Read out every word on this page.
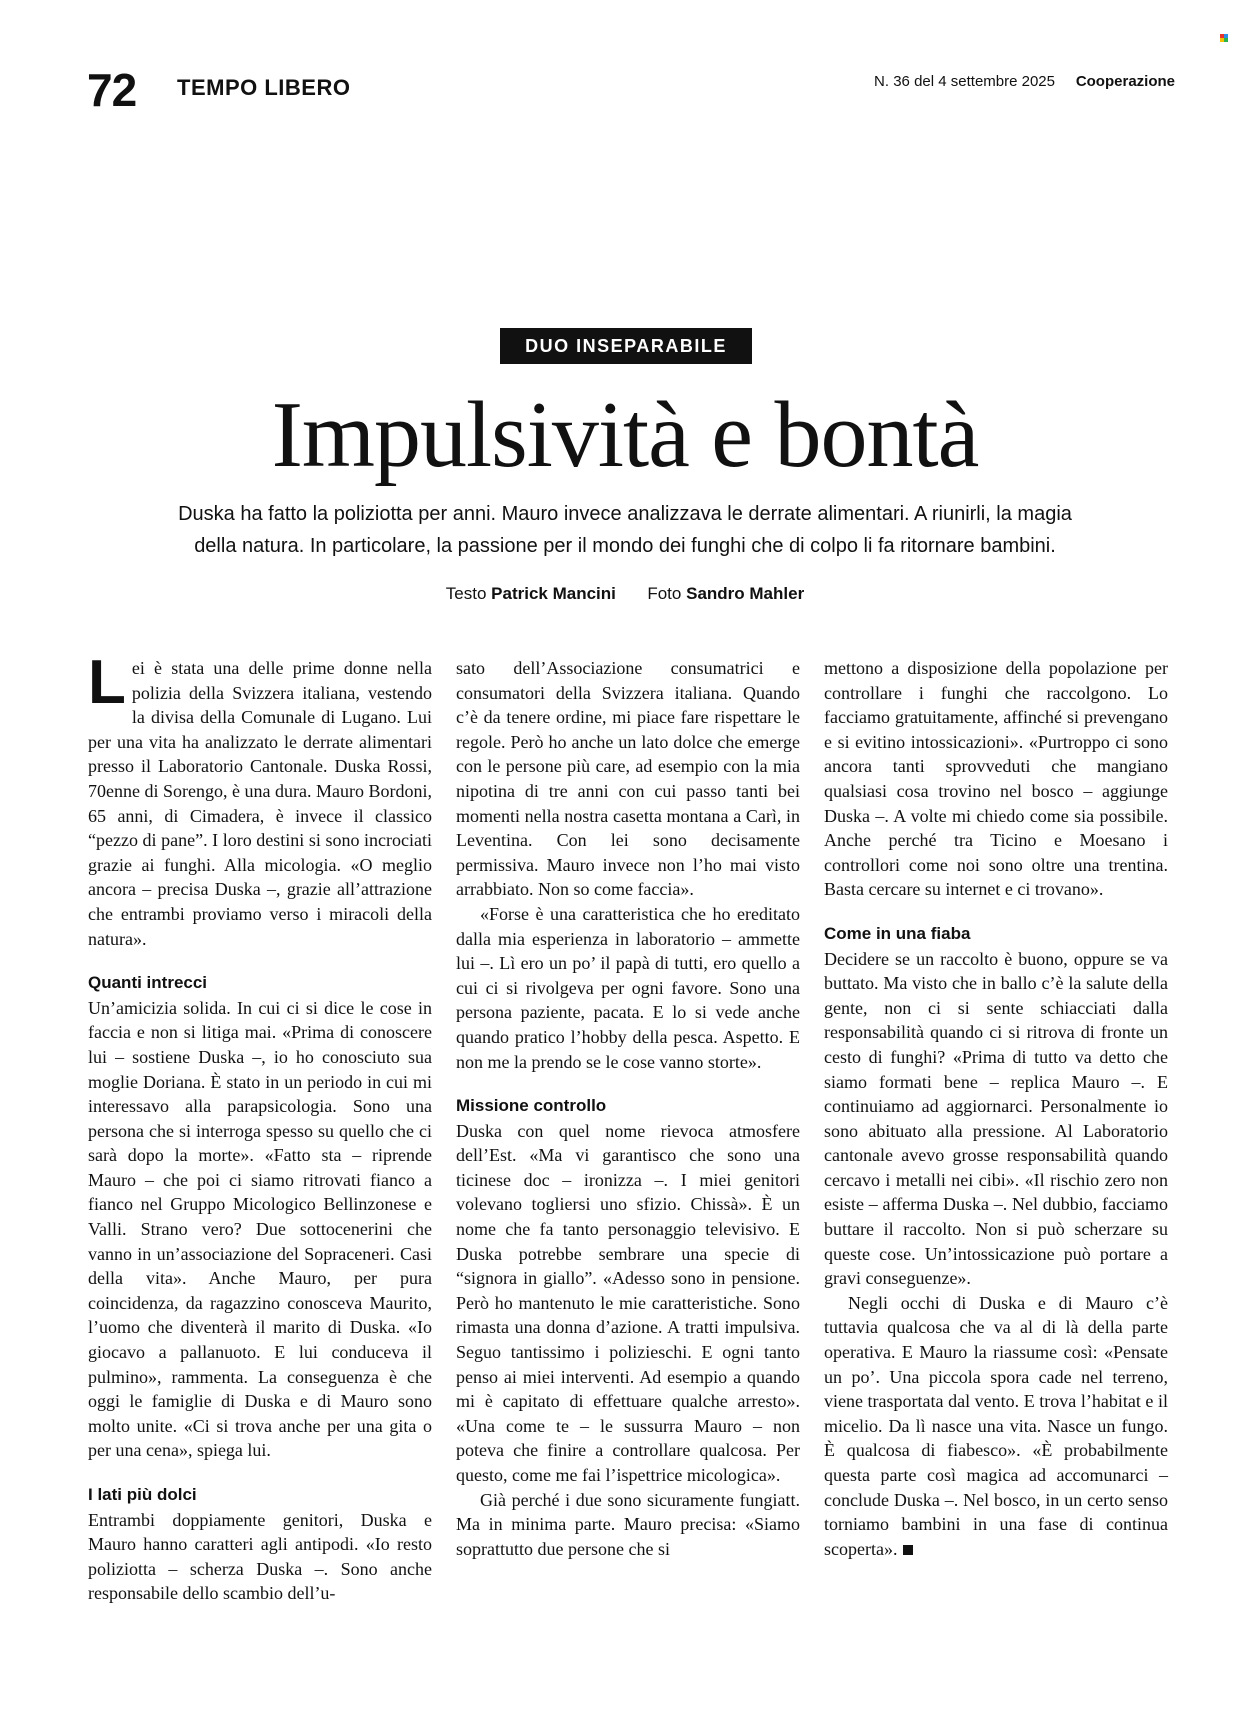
72 TEMPO LIBERO	N. 36 del 4 settembre 2025 Cooperazione
DUO INSEPARABILE
Impulsività e bontà
Duska ha fatto la poliziotta per anni. Mauro invece analizzava le derrate alimentari. A riunirli, la magia
della natura. In particolare, la passione per il mondo dei funghi che di colpo li fa ritornare bambini.
Testo Patrick Mancini Foto Sandro Mahler

Lei è stata una delle prime donne nella polizia della Svizzera italiana, vestendo la divisa della Comunale di Lugano. Lui per una vita ha analizzato le derrate alimentari presso il Laboratorio Cantonale. Duska Rossi, 70enne di Sorengo, è una dura. Mauro Bordoni, 65 anni, di Cimadera, è invece il classico “pezzo di pane”. I loro destini si sono incrociati grazie ai funghi. Alla micologia. «O meglio ancora – precisa Duska –, grazie all’attrazione che entrambi proviamo verso i miracoli della natura».

Quanti intrecci

Un’amicizia solida. In cui ci si dice le cose in faccia e non si litiga mai. «Prima di conoscere lui – sostiene Duska –, io ho conosciuto sua moglie Doriana. È stato in un periodo in cui mi interessavo alla parapsicologia. Sono una persona che si interroga spesso su quello che ci sarà dopo la morte». «Fatto sta – riprende Mauro – che poi ci siamo ritrovati fianco a fianco nel Gruppo Micologico Bellinzonese e Valli. Strano vero? Due sottocenerini che vanno in un’associazione del Sopraceneri. Casi della vita». Anche Mauro, per pura coincidenza, da ragazzino conosceva Maurito, l’uomo che diventerà il marito di Duska. «Io giocavo a pallanuoto. E lui conduceva il pulmino», rammenta. La conseguenza è che oggi le famiglie di Duska e di Mauro sono molto unite. «Ci si trova anche per una gita o per una cena», spiega lui.

I lati più dolci

Entrambi doppiamente genitori, Duska e Mauro hanno caratteri agli antipodi. «Io resto poliziotta – scherza Duska –. Sono anche responsabile dello scambio dell’u-

sato dell’Associazione consumatrici e consumatori della Svizzera italiana. Quando c’è da tenere ordine, mi piace fare rispettare le regole. Però ho anche un lato dolce che emerge con le persone più care, ad esempio con la mia nipotina di tre anni con cui passo tanti bei momenti nella nostra casetta montana a Carì, in Leventina. Con lei sono decisamente permissiva. Mauro invece non l’ho mai visto arrabbiato. Non so come faccia».

«Forse è una caratteristica che ho ereditato dalla mia esperienza in laboratorio – ammette lui –. Lì ero un po’ il papà di tutti, ero quello a cui ci si rivolgeva per ogni favore. Sono una persona paziente, pacata. E lo si vede anche quando pratico l’hobby della pesca. Aspetto. E non me la prendo se le cose vanno storte».

Missione controllo

Duska con quel nome rievoca atmosfere dell’Est. «Ma vi garantisco che sono una ticinese doc – ironizza –. I miei genitori volevano togliersi uno sfizio. Chissà». È un nome che fa tanto personaggio televisivo. E Duska potrebbe sembrare una specie di “signora in giallo”. «Adesso sono in pensione. Però ho mantenuto le mie caratteristiche. Sono rimasta una donna d’azione. A tratti impulsiva. Seguo tantissimo i polizieschi. E ogni tanto penso ai miei interventi. Ad esempio a quando mi è capitato di effettuare qualche arresto». «Una come te – le sussurra Mauro – non poteva che finire a controllare qualcosa. Per questo, come me fai l’ispettrice micologica».

Già perché i due sono sicuramente fungiatt. Ma in minima parte. Mauro precisa: «Siamo soprattutto due persone che si

mettono a disposizione della popolazione per controllare i funghi che raccolgono. Lo facciamo gratuitamente, affinché si prevengano e si evitino intossicazioni». «Purtroppo ci sono ancora tanti sprovveduti che mangiano qualsiasi cosa trovino nel bosco – aggiunge Duska –. A volte mi chiedo come sia possibile. Anche perché tra Ticino e Moesano i controllori come noi sono oltre una trentina. Basta cercare su internet e ci trovano».

Come in una fiaba

Decidere se un raccolto è buono, oppure se va buttato. Ma visto che in ballo c’è la salute della gente, non ci si sente schiacciati dalla responsabilità quando ci si ritrova di fronte un cesto di funghi? «Prima di tutto va detto che siamo formati bene – replica Mauro –. E continuiamo ad aggiornarci. Personalmente io sono abituato alla pressione. Al Laboratorio cantonale avevo grosse responsabilità quando cercavo i metalli nei cibi». «Il rischio zero non esiste – afferma Duska –. Nel dubbio, facciamo buttare il raccolto. Non si può scherzare su queste cose. Un’intossicazione può portare a gravi conseguenze».

Negli occhi di Duska e di Mauro c’è tuttavia qualcosa che va al di là della parte operativa. E Mauro la riassume così: «Pensate un po’. Una piccola spora cade nel terreno, viene trasportata dal vento. E trova l’habitat e il micelio. Da lì nasce una vita. Nasce un fungo. È qualcosa di fiabesco». «È probabilmente questa parte così magica ad accomunarci – conclude Duska –. Nel bosco, in un certo senso torniamo bambini in una fase di continua scoperta».
